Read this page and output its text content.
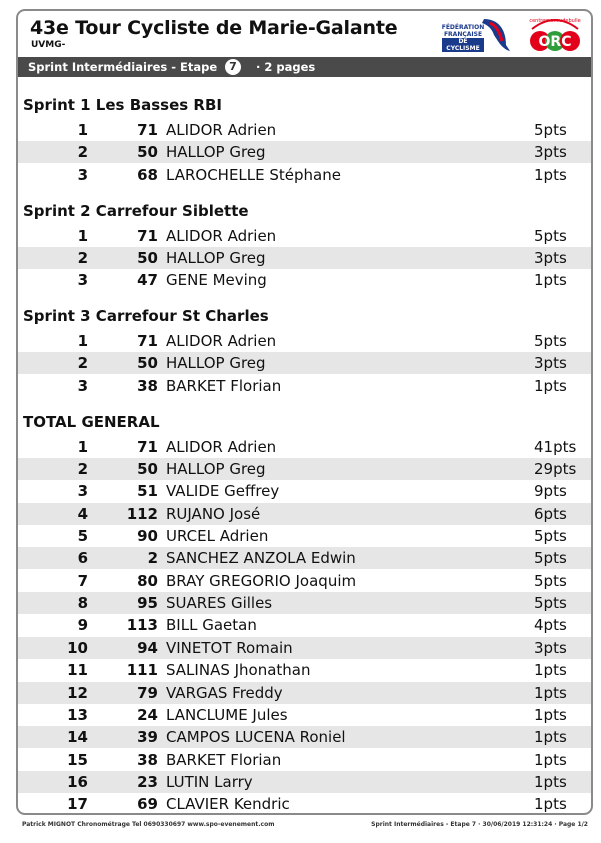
43e Tour Cycliste de Marie-Galante
UVMG-
FÉDÉRATION
FRANÇAISE
DE CYCLISME	ORC
centremacoudebulle
Sprint Intermédiaires - Etape	7	· 2 pages
Sprint 1 Les Basses RBI
1	71 ALIDOR Adrien	5pts
2	50 HALLOP Greg	3pts
3	68 LAROCHELLE Stéphane	1pts
Sprint 2 Carrefour Siblette
1	71 ALIDOR Adrien	5pts
2	50 HALLOP Greg	3pts
3	47 GENE Meving	1pts
Sprint 3 Carrefour St Charles
1	71 ALIDOR Adrien	5pts
2	50 HALLOP Greg	3pts
3	38 BARKET Florian	1pts
TOTAL GENERAL
1	71 ALIDOR Adrien	41pts
2	50 HALLOP Greg	29pts
3	51 VALIDE Geffrey	9pts
4	112 RUJANO José	6pts
5	90 URCEL Adrien	5pts
6	2 SANCHEZ ANZOLA Edwin	5pts
7	80 BRAY GREGORIO Joaquim	5pts
8	95 SUARES Gilles	5pts
9	113 BILL Gaetan	4pts
10	94 VINETOT Romain	3pts
11	111 SALINAS Jhonathan	1pts
12	79 VARGAS Freddy	1pts
13	24 LANCLUME Jules	1pts
14	39 CAMPOS LUCENA Roniel	1pts
15	38 BARKET Florian	1pts
16	23 LUTIN Larry	1pts
17	69 CLAVIER Kendric	1pts
Patrick MIGNOT Chronométrage Tel 0690330697 www.spo-evenement.com	Sprint Intermédiaires - Etape 7 · 30/06/2019 12:31:24 · Page 1/2
